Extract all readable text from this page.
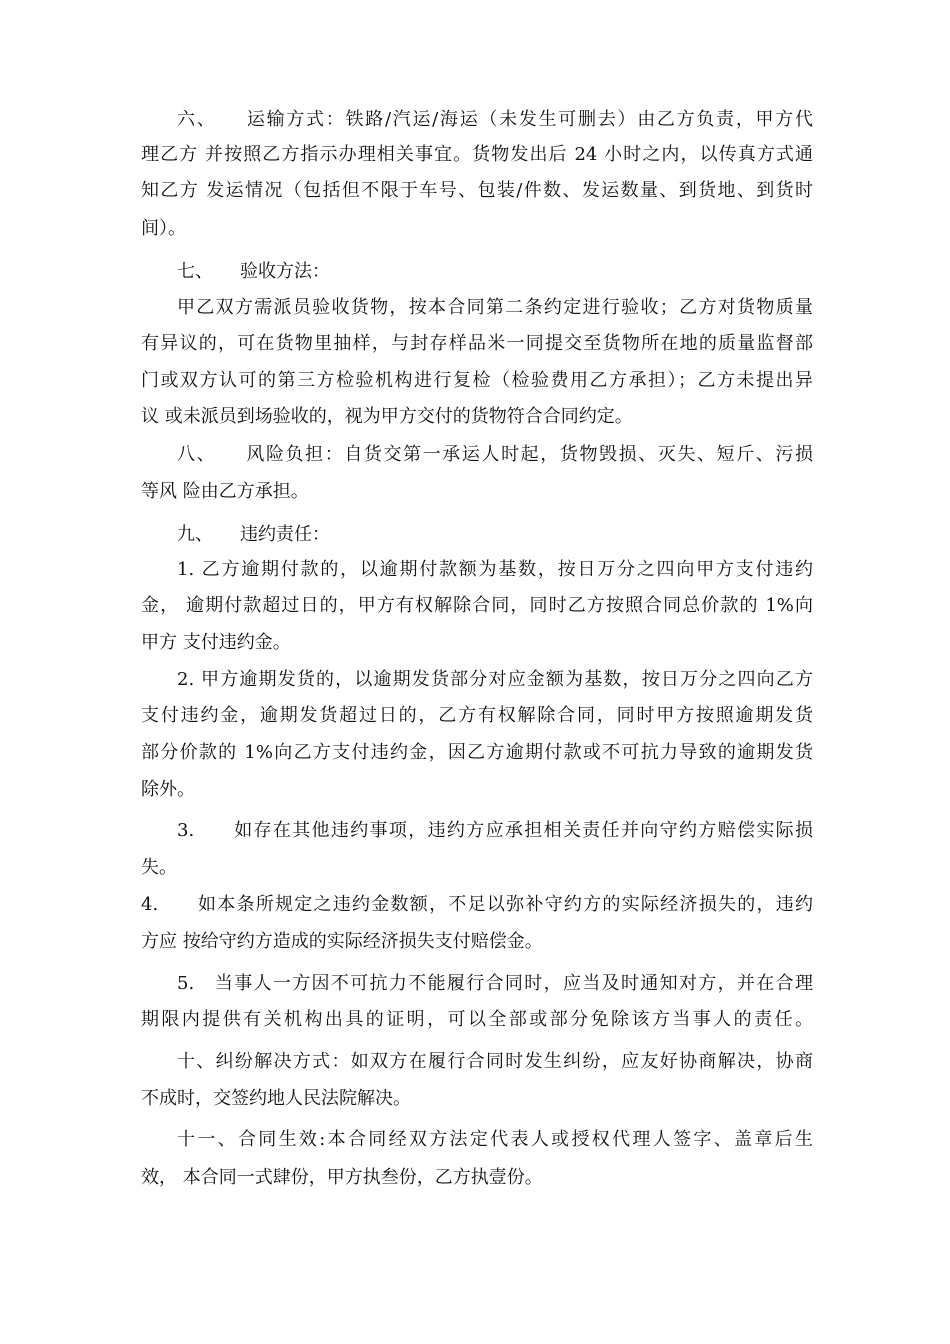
六、　　运输方式：铁路/汽运/海运（未发生可删去）由乙方负责，甲方代
理乙方 并按照乙方指示办理相关事宜。货物发出后 24 小时之内，以传真方式通
知乙方 发运情况（包括但不限于车号、包装/件数、发运数量、到货地、到货时
间）。
七、　　验收方法：
甲乙双方需派员验收货物，按本合同第二条约定进行验收；乙方对货物质量
有异议的，可在货物里抽样，与封存样品米一同提交至货物所在地的质量监督部
门或双方认可的第三方检验机构进行复检（检验费用乙方承担）；乙方未提出异
议 或未派员到场验收的，视为甲方交付的货物符合合同约定。
八、　　风险负担：自货交第一承运人时起，货物毁损、灭失、短斤、污损
等风 险由乙方承担。
九、　　违约责任：
1. 乙方逾期付款的，以逾期付款额为基数，按日万分之四向甲方支付违约
金， 逾期付款超过日的，甲方有权解除合同，同时乙方按照合同总价款的 1%向
甲方 支付违约金。
2. 甲方逾期发货的，以逾期发货部分对应金额为基数，按日万分之四向乙方
支付违约金，逾期发货超过日的，乙方有权解除合同，同时甲方按照逾期发货
部分价款的 1%向乙方支付违约金，因乙方逾期付款或不可抗力导致的逾期发货
除外。
3.　　如存在其他违约事项，违约方应承担相关责任并向守约方赔偿实际损
失。
4.　　如本条所规定之违约金数额，不足以弥补守约方的实际经济损失的，违约
方应 按给守约方造成的实际经济损失支付赔偿金。
5.　当事人一方因不可抗力不能履行合同时，应当及时通知对方，并在合理
期限内提供有关机构出具的证明，可以全部或部分免除该方当事人的责任。
十、纠纷解决方式：如双方在履行合同时发生纠纷，应友好协商解决，协商
不成时，交签约地人民法院解决。
十一、合同生效:本合同经双方法定代表人或授权代理人签字、盖章后生
效， 本合同一式肆份，甲方执叁份，乙方执壹份。
